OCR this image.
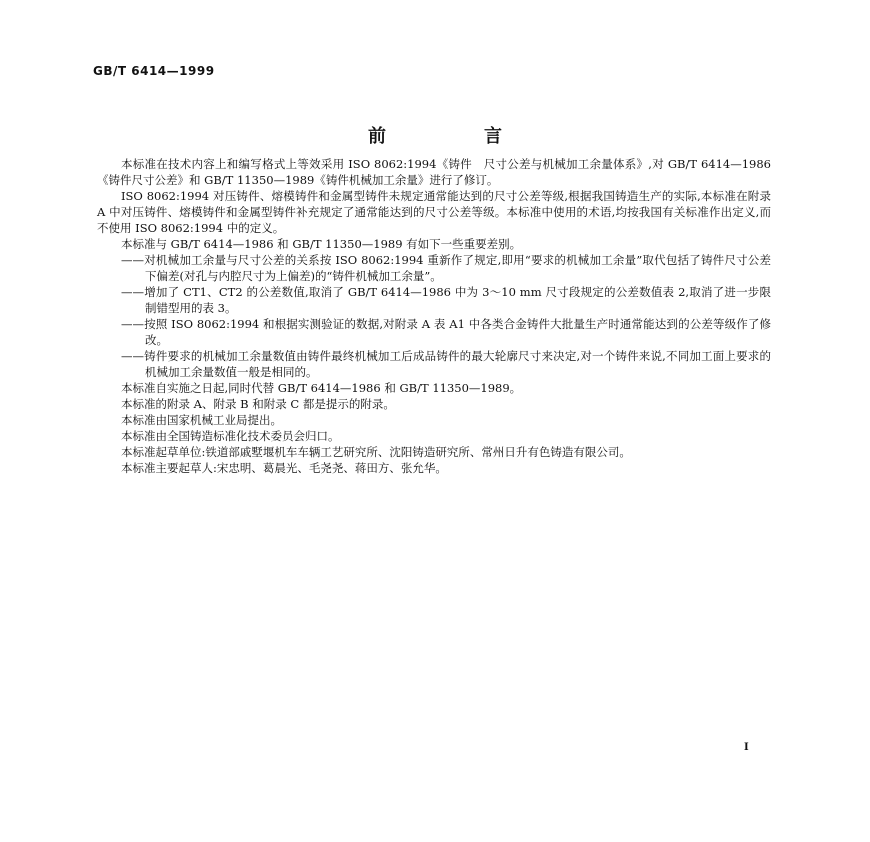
GB/T 6414—1999
前　言

本标准在技术内容上和编写格式上等效采用 ISO 8062:1994《铸件　尺寸公差与机械加工余量体系》,对 GB/T 6414—1986《铸件尺寸公差》和 GB/T 11350—1989《铸件机械加工余量》进行了修订。

ISO 8062:1994 对压铸件、熔模铸件和金属型铸件未规定通常能达到的尺寸公差等级,根据我国铸造生产的实际,本标准在附录 A 中对压铸件、熔模铸件和金属型铸件补充规定了通常能达到的尺寸公差等级。本标准中使用的术语,均按我国有关标准作出定义,而不使用 ISO 8062:1994 中的定义。

本标准与 GB/T 6414—1986 和 GB/T 11350—1989 有如下一些重要差别。

——对机械加工余量与尺寸公差的关系按 ISO 8062:1994 重新作了规定,即用“要求的机械加工余量”取代包括了铸件尺寸公差下偏差(对孔与内腔尺寸为上偏差)的“铸件机械加工余量”。

——增加了 CT1、CT2 的公差数值,取消了 GB/T 6414—1986 中为 3～10 mm 尺寸段规定的公差数值表 2,取消了进一步限制错型用的表 3。

——按照 ISO 8062:1994 和根据实测验证的数据,对附录 A 表 A1 中各类合金铸件大批量生产时通常能达到的公差等级作了修改。

——铸件要求的机械加工余量数值由铸件最终机械加工后成品铸件的最大轮廓尺寸来决定,对一个铸件来说,不同加工面上要求的机械加工余量数值一般是相同的。

本标准自实施之日起,同时代替 GB/T 6414—1986 和 GB/T 11350—1989。

本标准的附录 A、附录 B 和附录 C 都是提示的附录。

本标准由国家机械工业局提出。

本标准由全国铸造标准化技术委员会归口。

本标准起草单位:铁道部戚墅堰机车车辆工艺研究所、沈阳铸造研究所、常州日升有色铸造有限公司。

本标准主要起草人:宋忠明、葛晨光、毛尧尧、蒋田方、张允华。

I
